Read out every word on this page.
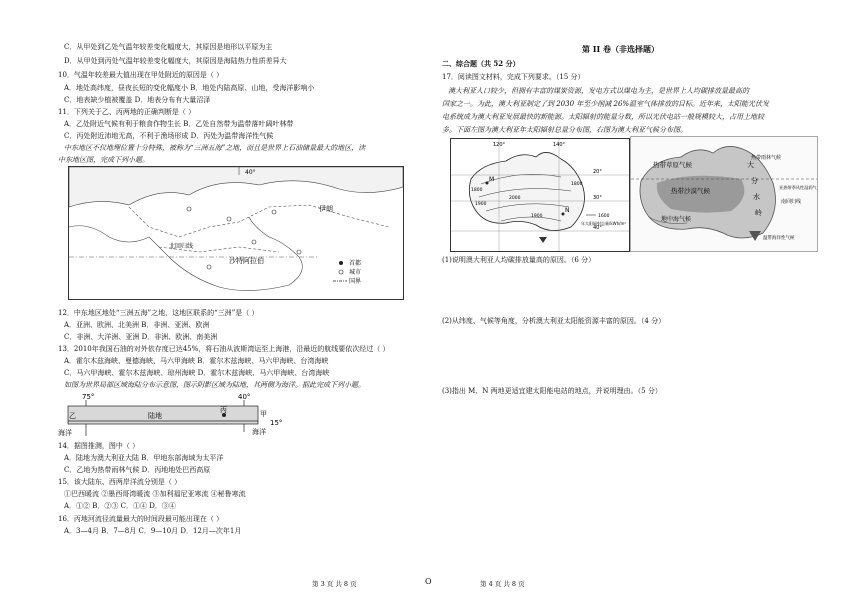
C．从甲处到乙处气温年较差变化幅度大，其原因是地形以平原为主
D．从甲处到丙处气温年较差变化幅度大，其原因是海陆热力性质差异大
10．气温年较差最大值出现在甲处附近的原因是（ ）
A．地处高纬度，昼夜长短的变化幅度小 B．地处内陆高原、山地，受海洋影响小
C．地表缺少植被覆盖 D．地表分布有大量沼泽
11．下列关于乙、丙两地的正确判断是（ ）
A．乙处附近气候有利于粮食作物生长 B．乙处自然带为温带落叶阔叶林带
C．丙处附近沛地无高，不利于渔场形成 D．丙处为温带海洋性气候
中东地区不仅地理位置十分特殊，被称为“三洲五海”之地，而且是世界上石油储量最大的地区，读
中东地区图，完成下列小题。
40°
伊朗
北回归线
沙特阿拉伯	首都
城市
国界
12．中东地区地处“三洲五海”之地，这地区联系的“三洲”是（ ）
A．亚洲、欧洲、北美洲 B．非洲、亚洲、欧洲
C．非洲、大洋洲、亚洲 D．非洲、欧洲、南美洲
13．2010年我国石油的对外依存度已达45%，将石油从波斯湾运至上海港，沿最近的航线要依次经过（ ）
A．霍尔木兹海峡、曼德海峡、马六甲海峡 B．霍尔木兹海峡、马六甲海峡、台湾海峡
C．马六甲海峡、霍尔木兹海峡、琼州海峡 D．霍尔木兹海峡、马六甲海峡、台湾海峡
如图为世界局部区域海陆分布示意图，图示阴影区域为陆地，其两侧为海洋。据此完成下列小题。
75°	40°
陆地
乙
丙	甲
海洋	海洋
15°
14．据图推测，图中（ ）
A．陆地为澳大利亚大陆 B．甲地东部海域为太平洋
C．乙地为热带雨林气候 D．丙地地处巴西高原
15．该大陆东、西两岸洋流分别是（ ）
①巴西暖流 ②墨西哥湾暖流 ③加利福尼亚寒流 ④秘鲁寒流
A．①② B．②③ C．①④ D．③④
16．丙地河流径流量最大的时间段最可能出现在（ ）
A．3—4月 B．7—8月 C．9—10月 D．12月—次年1月
第 II 卷（非选择题）
二、综合题（共 52 分）
17．阅读图文材料，完成下列要求。（15 分）
澳大利亚人口较少，但拥有丰富的煤炭资源，发电方式以煤电为主，是世界上人均碳排放量最高的
国家之一。为此，澳大利亚制定了到 2030 年至少削减 26%温室气体排放的目标。近年来，太阳能光伏发
电系统成为澳大利亚发展最快的新能源。太阳辐射的能量分数，所以光伏电站一般规模较大，占用土地较
多。下面左图为澳大利亚年太阳辐射总量分布图，右图为澳大利亚气候分布图。
120°	140°
20°
30°
40°
M
N
1800
1900
2000
1900
1800
1600
年太阳辐射总量/kWh/m²
热带草原气候
热带雨林气候
热带沙漠气候	亚热带季风性湿润气候
南回归线
地中海气候
温带海洋性气候
大
分
水
岭
(1)说明澳大利亚人均碳排放量高的原因。（6 分）
(2)从纬度、气候等角度，分析澳大利亚太阳能资源丰富的原因。（4 分）
(3)指出 M、N 两地更适宜建太阳能电站的地点，并说明理由。（5 分）
第 3 页 共 8 页	O	第 4 页 共 8 页
